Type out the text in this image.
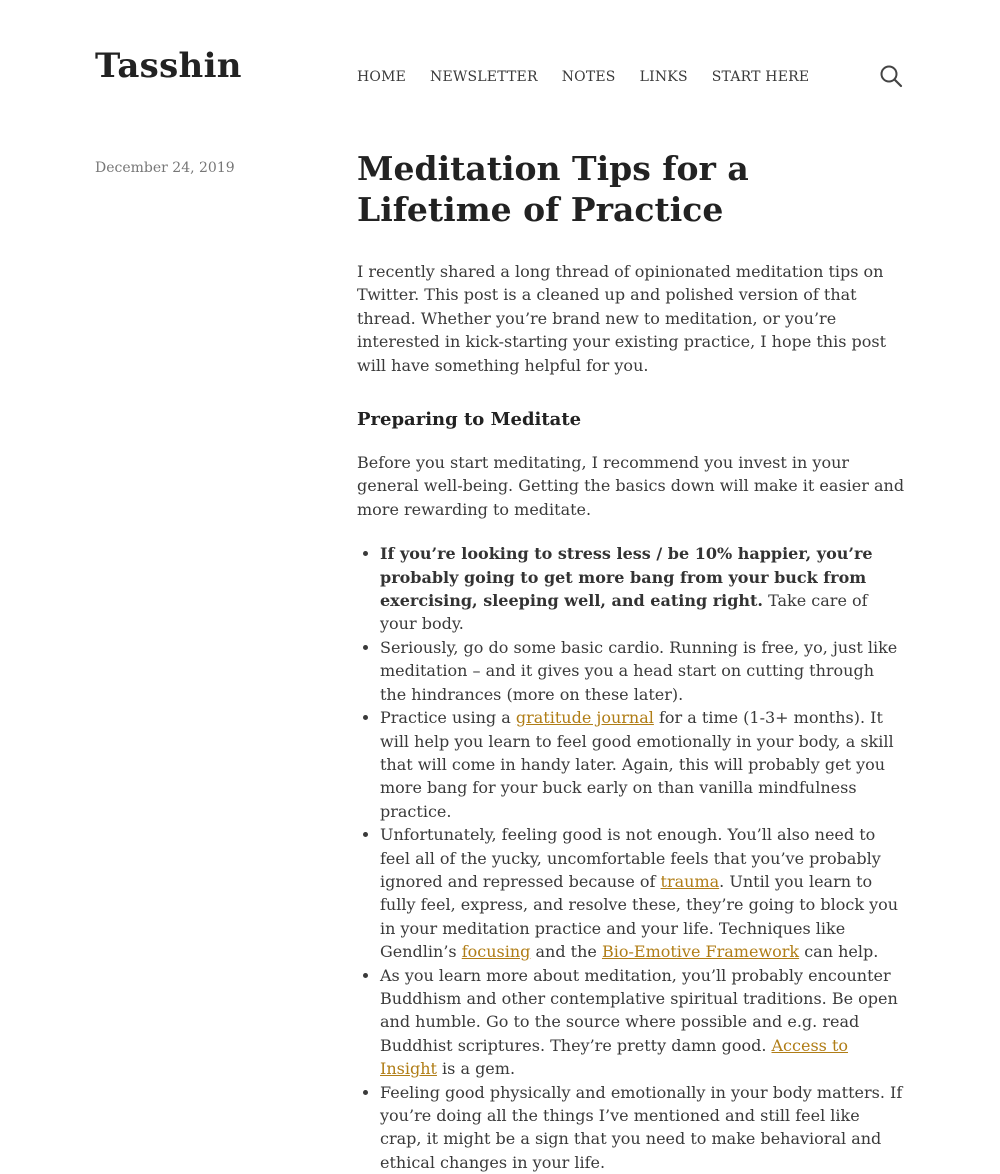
Tasshin	HOME NEWSLETTER NOTES LINKS START HERE
December 24, 2019	Meditation Tips for a Lifetime of Practice

I recently shared a long thread of opinionated meditation tips on Twitter. This post is a cleaned up and polished version of that thread. Whether you’re brand new to meditation, or you’re interested in kick-starting your existing practice, I hope this post will have something helpful for you.

Preparing to Meditate

Before you start meditating, I recommend you invest in your general well-being. Getting the basics down will make it easier and more rewarding to meditate.

• If you’re looking to stress less / be 10% happier, you’re probably going to get more bang from your buck from exercising, sleeping well, and eating right. Take care of your body.
• Seriously, go do some basic cardio. Running is free, yo, just like meditation – and it gives you a head start on cutting through the hindrances (more on these later).
• Practice using a gratitude journal for a time (1-3+ months). It will help you learn to feel good emotionally in your body, a skill that will come in handy later. Again, this will probably get you more bang for your buck early on than vanilla mindfulness practice.
• Unfortunately, feeling good is not enough. You’ll also need to feel all of the yucky, uncomfortable feels that you’ve probably ignored and repressed because of trauma. Until you learn to fully feel, express, and resolve these, they’re going to block you in your meditation practice and your life. Techniques like Gendlin’s focusing and the Bio-Emotive Framework can help.
• As you learn more about meditation, you’ll probably encounter Buddhism and other contemplative spiritual traditions. Be open and humble. Go to the source where possible and e.g. read Buddhist scriptures. They’re pretty damn good. Access to Insight is a gem.
• Feeling good physically and emotionally in your body matters. If you’re doing all the things I’ve mentioned and still feel like crap, it might be a sign that you need to make behavioral and ethical changes in your life.
